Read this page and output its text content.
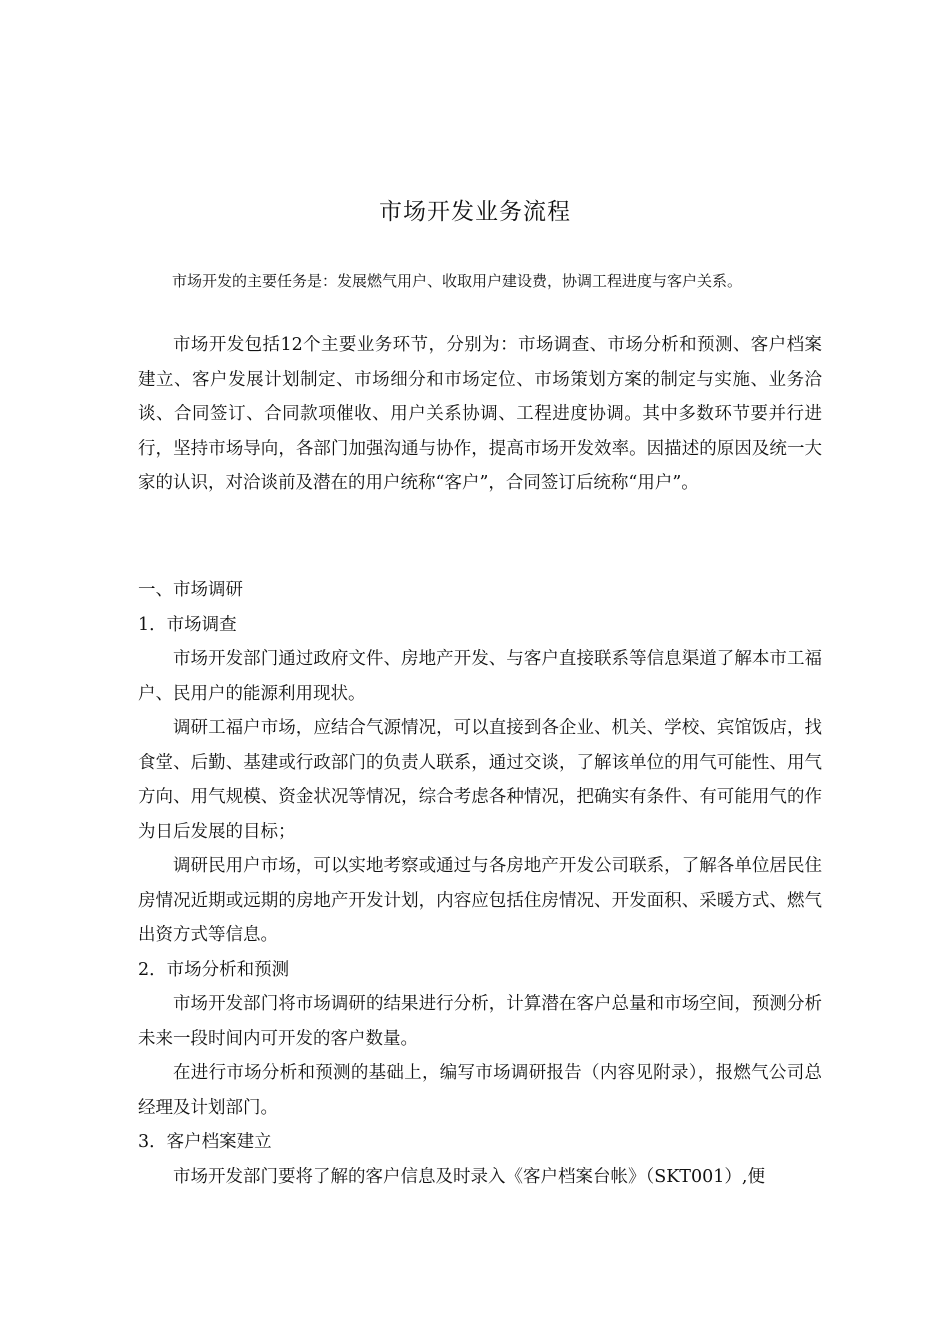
市场开发业务流程
市场开发的主要任务是：发展燃气用户、收取用户建设费，协调工程进度与客户关系。

市场开发包括12个主要业务环节，分别为：市场调查、市场分析和预测、客户档案建立、客户发展计划制定、市场细分和市场定位、市场策划方案的制定与实施、业务洽谈、合同签订、合同款项催收、用户关系协调、工程进度协调。其中多数环节要并行进行，坚持市场导向，各部门加强沟通与协作，提高市场开发效率。因描述的原因及统一大家的认识，对洽谈前及潜在的用户统称“客户”，合同签订后统称“用户”。

一、市场调研

1．市场调查

市场开发部门通过政府文件、房地产开发、与客户直接联系等信息渠道了解本市工福户、民用户的能源利用现状。

调研工福户市场，应结合气源情况，可以直接到各企业、机关、学校、宾馆饭店，找食堂、后勤、基建或行政部门的负责人联系，通过交谈，了解该单位的用气可能性、用气方向、用气规模、资金状况等情况，综合考虑各种情况，把确实有条件、有可能用气的作为日后发展的目标；

调研民用户市场，可以实地考察或通过与各房地产开发公司联系，了解各单位居民住房情况近期或远期的房地产开发计划，内容应包括住房情况、开发面积、采暖方式、燃气出资方式等信息。

2．市场分析和预测

市场开发部门将市场调研的结果进行分析，计算潜在客户总量和市场空间，预测分析未来一段时间内可开发的客户数量。

在进行市场分析和预测的基础上，编写市场调研报告（内容见附录），报燃气公司总经理及计划部门。

3．客户档案建立

市场开发部门要将了解的客户信息及时录入《客户档案台帐》（SKT001）,便
